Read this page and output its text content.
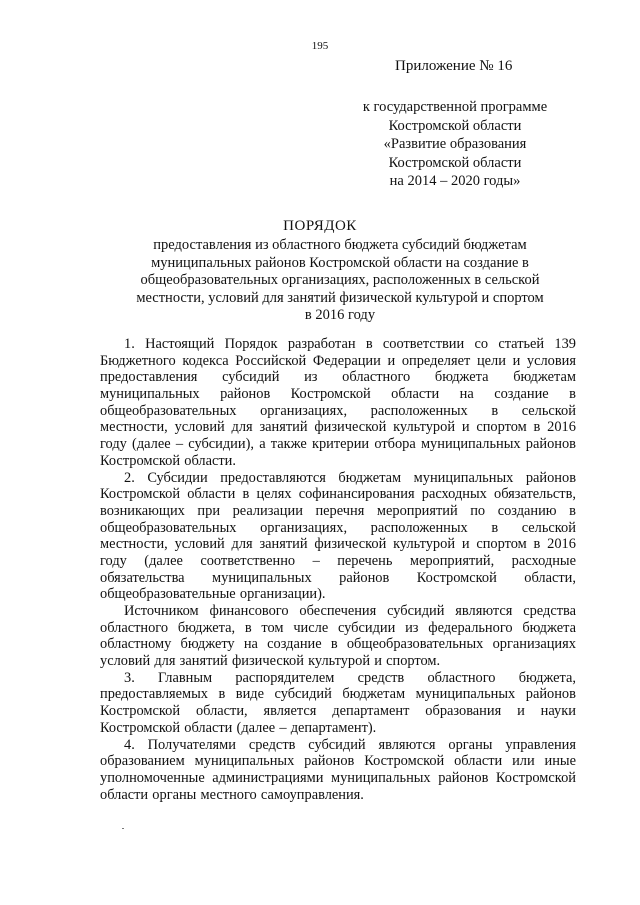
195
Приложение № 16
к государственной программе
Костромской области
«Развитие образования
Костромской области
на 2014 – 2020 годы»
ПОРЯДОК
предоставления из областного бюджета субсидий бюджетам
муниципальных районов Костромской области на создание в
общеобразовательных организациях, расположенных в сельской
местности, условий для занятий физической культурой и спортом
в 2016 году
1. Настоящий Порядок разработан в соответствии со статьей 139
Бюджетного кодекса Российской Федерации и определяет цели и условия
предоставления субсидий из областного бюджета бюджетам
муниципальных районов Костромской области на создание в
общеобразовательных организациях, расположенных в сельской
местности, условий для занятий физической культурой и спортом в 2016
году (далее – субсидии), а также критерии отбора муниципальных районов
Костромской области.
2. Субсидии предоставляются бюджетам муниципальных районов
Костромской области в целях софинансирования расходных обязательств,
возникающих при реализации перечня мероприятий по созданию в
общеобразовательных организациях, расположенных в сельской
местности, условий для занятий физической культурой и спортом в 2016
году (далее соответственно – перечень мероприятий, расходные
обязательства муниципальных районов Костромской области,
общеобразовательные организации).
Источником финансового обеспечения субсидий являются средства
областного бюджета, в том числе субсидии из федерального бюджета
областному бюджету на создание в общеобразовательных организациях
условий для занятий физической культурой и спортом.
3. Главным распорядителем средств областного бюджета,
предоставляемых в виде субсидий бюджетам муниципальных районов
Костромской области, является департамент образования и науки
Костромской области (далее – департамент).
4. Получателями средств субсидий являются органы управления
образованием муниципальных районов Костромской области или иные
уполномоченные администрациями муниципальных районов Костромской
области органы местного самоуправления.
